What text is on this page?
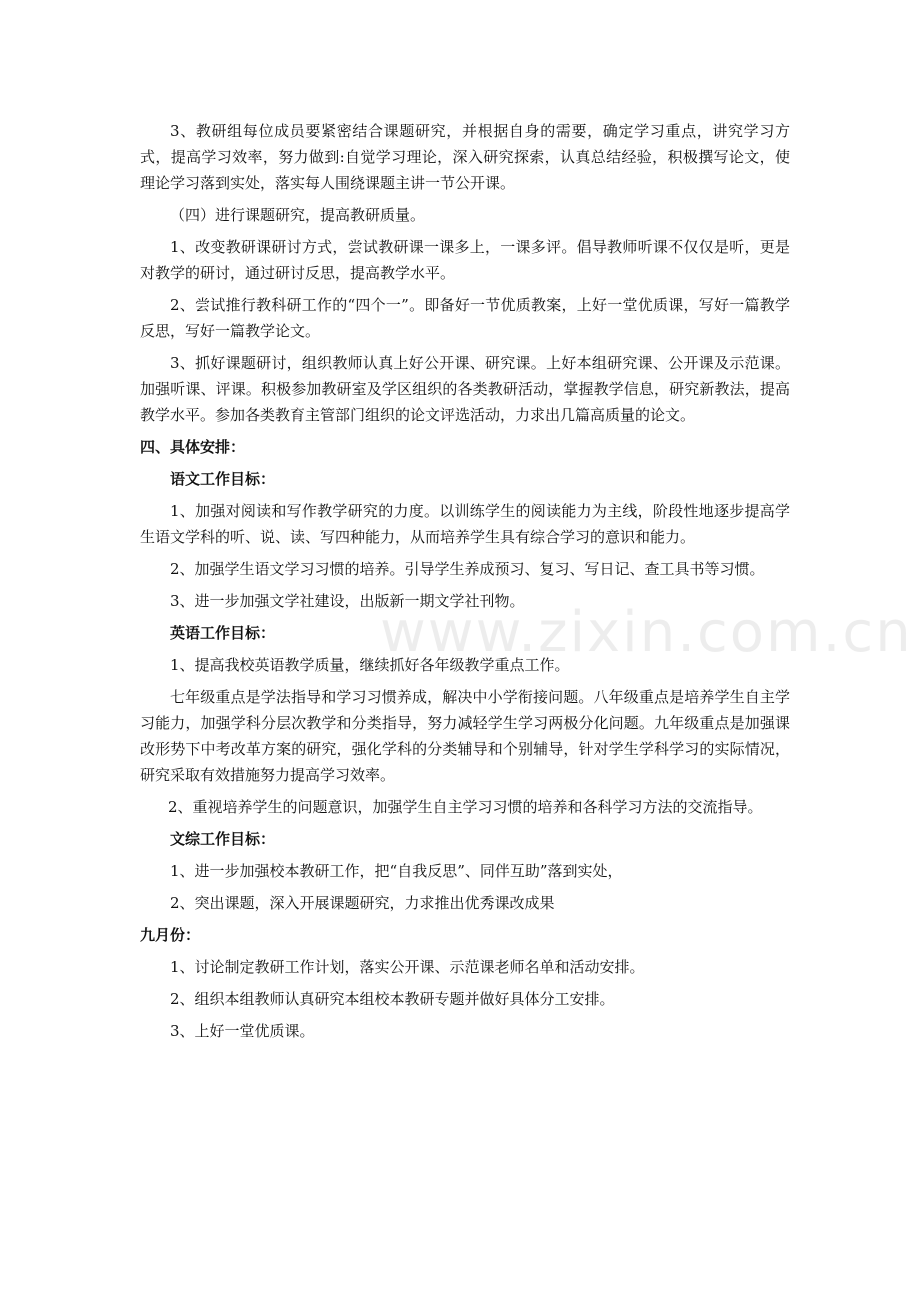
www.zixin.com.cn

3、教研组每位成员要紧密结合课题研究，并根据自身的需要，确定学习重点，讲究学习方式，提高学习效率，努力做到:自觉学习理论，深入研究探索，认真总结经验，积极撰写论文，使理论学习落到实处，落实每人围绕课题主讲一节公开课。

（四）进行课题研究，提高教研质量。

1、改变教研课研讨方式，尝试教研课一课多上，一课多评。倡导教师听课不仅仅是听，更是对教学的研讨，通过研讨反思，提高教学水平。

2、尝试推行教科研工作的“四个一”。即备好一节优质教案，上好一堂优质课，写好一篇教学反思，写好一篇教学论文。

3、抓好课题研讨，组织教师认真上好公开课、研究课。上好本组研究课、公开课及示范课。加强听课、评课。积极参加教研室及学区组织的各类教研活动，掌握教学信息，研究新教法，提高教学水平。参加各类教育主管部门组织的论文评选活动，力求出几篇高质量的论文。

四、具体安排：

语文工作目标：

1、加强对阅读和写作教学研究的力度。以训练学生的阅读能力为主线，阶段性地逐步提高学生语文学科的听、说、读、写四种能力，从而培养学生具有综合学习的意识和能力。

2、加强学生语文学习习惯的培养。引导学生养成预习、复习、写日记、查工具书等习惯。

3、进一步加强文学社建设，出版新一期文学社刊物。

英语工作目标：

1、提高我校英语教学质量，继续抓好各年级教学重点工作。

七年级重点是学法指导和学习习惯养成，解决中小学衔接问题。八年级重点是培养学生自主学习能力，加强学科分层次教学和分类指导，努力减轻学生学习两极分化问题。九年级重点是加强课改形势下中考改革方案的研究，强化学科的分类辅导和个别辅导，针对学生学科学习的实际情况，研究采取有效措施努力提高学习效率。

2、重视培养学生的问题意识，加强学生自主学习习惯的培养和各科学习方法的交流指导。

文综工作目标：

1、进一步加强校本教研工作，把“自我反思”、同伴互助”落到实处，

2、突出课题，深入开展课题研究，力求推出优秀课改成果

九月份：

1、讨论制定教研工作计划，落实公开课、示范课老师名单和活动安排。

2、组织本组教师认真研究本组校本教研专题并做好具体分工安排。

3、上好一堂优质课。
